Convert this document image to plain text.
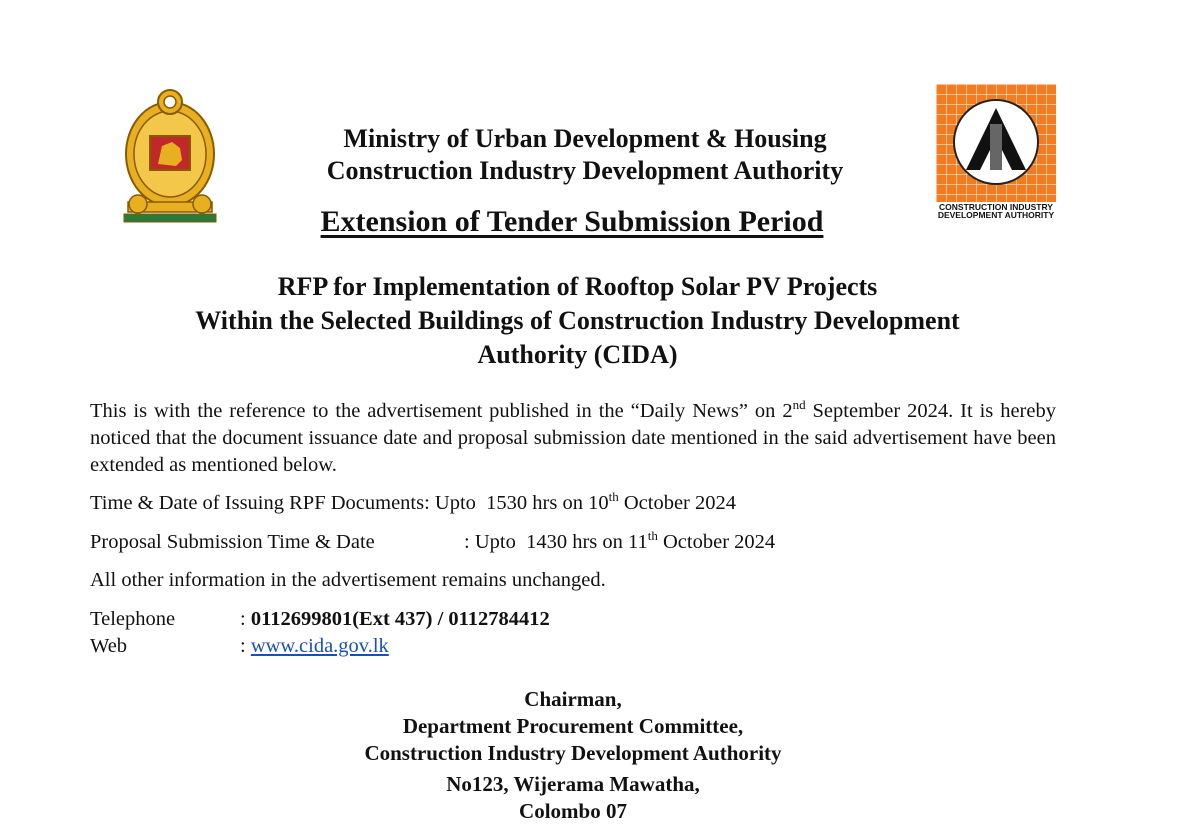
CONSTRUCTION INDUSTRY
DEVELOPMENT AUTHORITY
Ministry of Urban Development & Housing
Construction Industry Development Authority
Extension of Tender Submission Period
RFP for Implementation of Rooftop Solar PV Projects
Within the Selected Buildings of Construction Industry Development
Authority (CIDA)
This is with the reference to the advertisement published in the “Daily News” on 2nd September 2024. It is hereby noticed that the document issuance date and proposal submission date mentioned in the said advertisement have been extended as mentioned below.
Time & Date of Issuing RPF Documents: Upto  1530 hrs on 10th October 2024
Proposal Submission Time & Date	: Upto  1430 hrs on 11th October 2024
All other information in the advertisement remains unchanged.
Telephone	: 0112699801(Ext 437) / 0112784412
Web	: www.cida.gov.lk
Chairman,
Department Procurement Committee,
Construction Industry Development Authority
No123, Wijerama Mawatha,
Colombo 07
